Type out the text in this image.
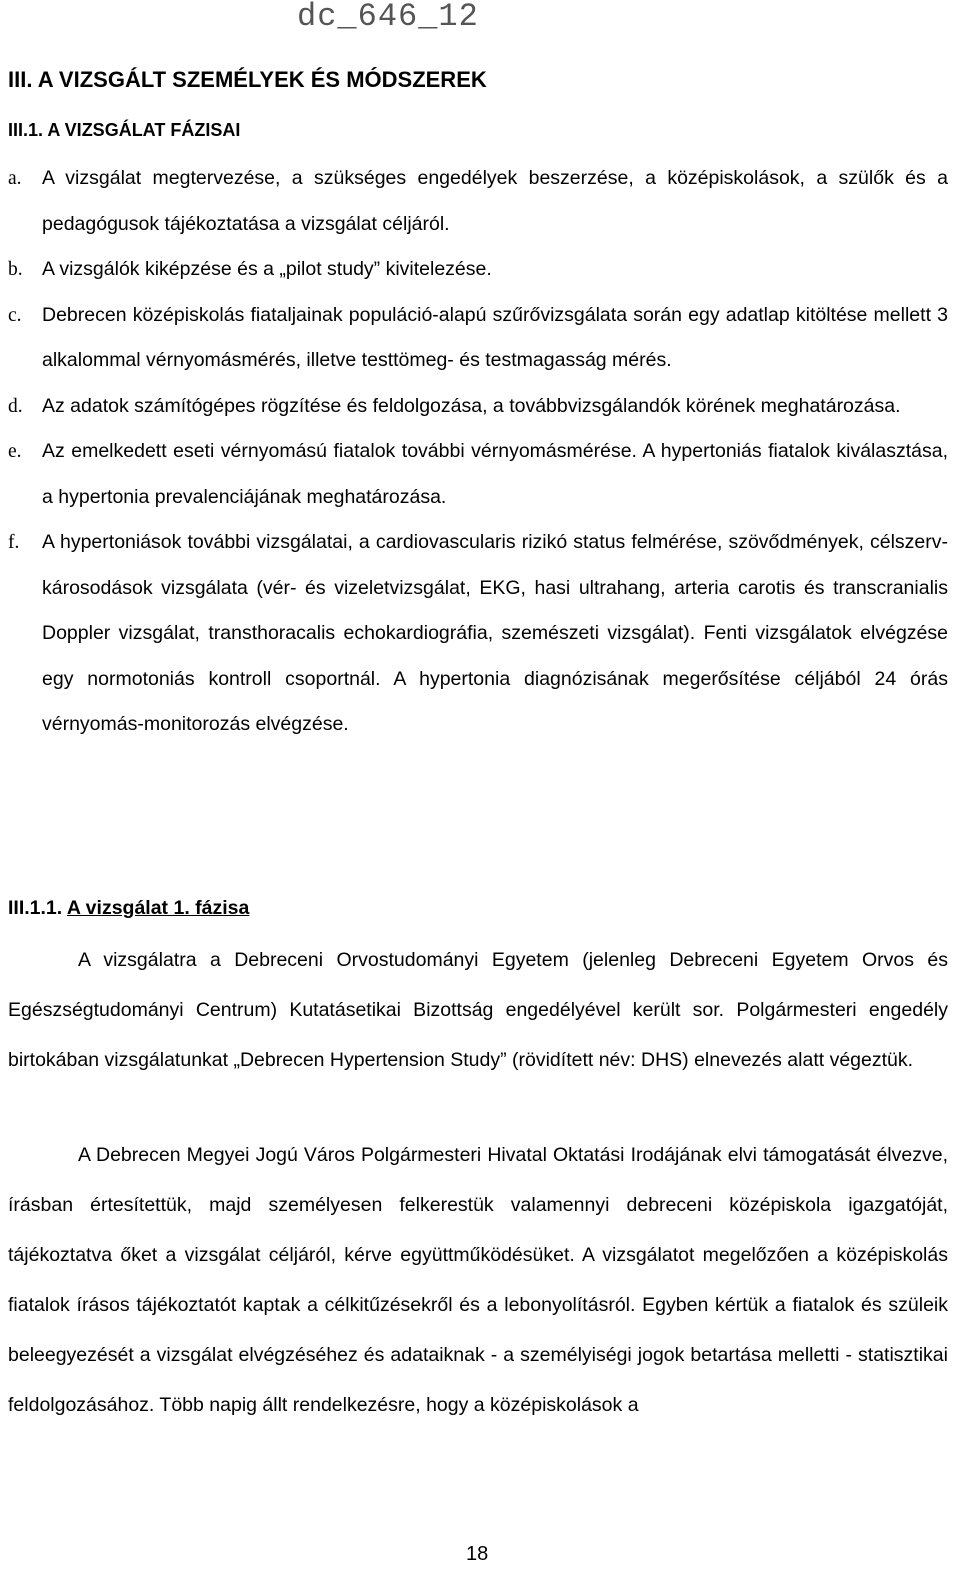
dc_646_12
III. A VIZSGÁLT SZEMÉLYEK ÉS MÓDSZEREK
III.1. A VIZSGÁLAT FÁZISAI
a. A vizsgálat megtervezése, a szükséges engedélyek beszerzése, a középiskolások, a szülők és a pedagógusok tájékoztatása a vizsgálat céljáról.
b. A vizsgálók kiképzése és a „pilot study” kivitelezése.
c. Debrecen középiskolás fiataljainak populáció-alapú szűrővizsgálata során egy adatlap kitöltése mellett 3 alkalommal vérnyomásmérés, illetve testtömeg- és testmagasság mérés.
d. Az adatok számítógépes rögzítése és feldolgozása, a továbbvizsgálandók körének meghatározása.
e. Az emelkedett eseti vérnyomású fiatalok további vérnyomásmérése. A hypertoniás fiatalok kiválasztása, a hypertonia prevalenciájának meghatározása.
f. A hypertoniások további vizsgálatai, a cardiovascularis rizikó status felmérése, szövődmények, célszerv-károsodások vizsgálata (vér- és vizeletvizsgálat, EKG, hasi ultrahang, arteria carotis és transcranialis Doppler vizsgálat, transthoracalis echokardiográfia, szemészeti vizsgálat). Fenti vizsgálatok elvégzése egy normotoniás kontroll csoportnál. A hypertonia diagnózisának megerősítése céljából 24 órás vérnyomás-monitorozás elvégzése.
III.1.1. A vizsgálat 1. fázisa
A vizsgálatra a Debreceni Orvostudományi Egyetem (jelenleg Debreceni Egyetem Orvos és Egészségtudományi Centrum) Kutatásetikai Bizottság engedélyével került sor. Polgármesteri engedély birtokában vizsgálatunkat „Debrecen Hypertension Study” (rövidített név: DHS) elnevezés alatt végeztük.
A Debrecen Megyei Jogú Város Polgármesteri Hivatal Oktatási Irodájának elvi támogatását élvezve, írásban értesítettük, majd személyesen felkerestük valamennyi debreceni középiskola igazgatóját, tájékoztatva őket a vizsgálat céljáról, kérve együttműködésüket. A vizsgálatot megelőzően a középiskolás fiatalok írásos tájékoztatót kaptak a célkitűzésekről és a lebonyolításról. Egyben kértük a fiatalok és szüleik beleegyezését a vizsgálat elvégzéséhez és adataiknak - a személyiségi jogok betartása melletti - statisztikai feldolgozásához. Több napig állt rendelkezésre, hogy a középiskolások a
18
